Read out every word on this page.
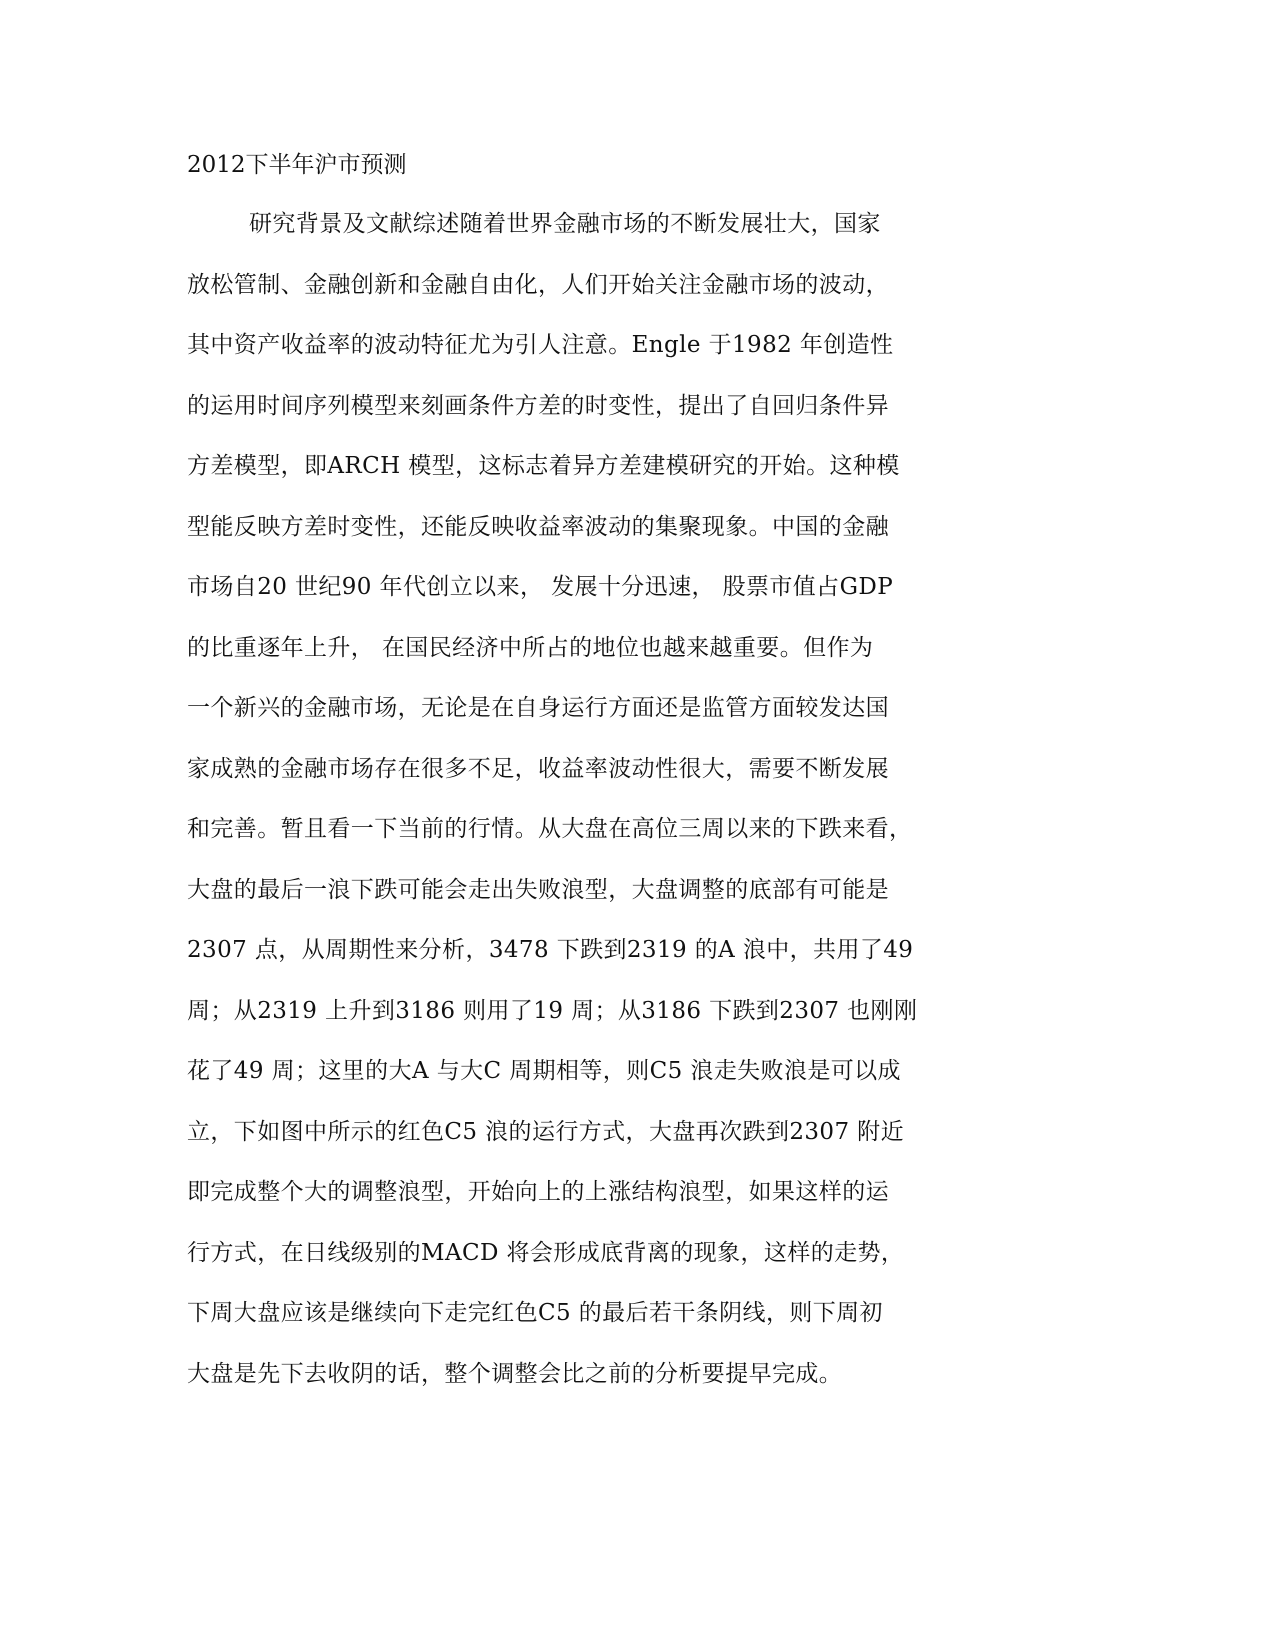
2012下半年沪市预测
研究背景及文献综述随着世界金融市场的不断发展壮大，国家
放松管制、金融创新和金融自由化，人们开始关注金融市场的波动，
其中资产收益率的波动特征尤为引人注意。Engle 于1982 年创造性
的运用时间序列模型来刻画条件方差的时变性，提出了自回归条件异
方差模型，即ARCH 模型，这标志着异方差建模研究的开始。这种模
型能反映方差时变性，还能反映收益率波动的集聚现象。中国的金融
市场自20 世纪90 年代创立以来， 发展十分迅速， 股票市值占GDP
的比重逐年上升， 在国民经济中所占的地位也越来越重要。但作为
一个新兴的金融市场，无论是在自身运行方面还是监管方面较发达国
家成熟的金融市场存在很多不足，收益率波动性很大，需要不断发展
和完善。暂且看一下当前的行情。从大盘在高位三周以来的下跌来看，
大盘的最后一浪下跌可能会走出失败浪型，大盘调整的底部有可能是
2307 点，从周期性来分析，3478 下跌到2319 的A 浪中，共用了49
周；从2319 上升到3186 则用了19 周；从3186 下跌到2307 也刚刚
花了49 周；这里的大A 与大C 周期相等，则C5 浪走失败浪是可以成
立，下如图中所示的红色C5 浪的运行方式，大盘再次跌到2307 附近
即完成整个大的调整浪型，开始向上的上涨结构浪型，如果这样的运
行方式，在日线级别的MACD 将会形成底背离的现象，这样的走势，
下周大盘应该是继续向下走完红色C5 的最后若干条阴线，则下周初
大盘是先下去收阴的话，整个调整会比之前的分析要提早完成。
